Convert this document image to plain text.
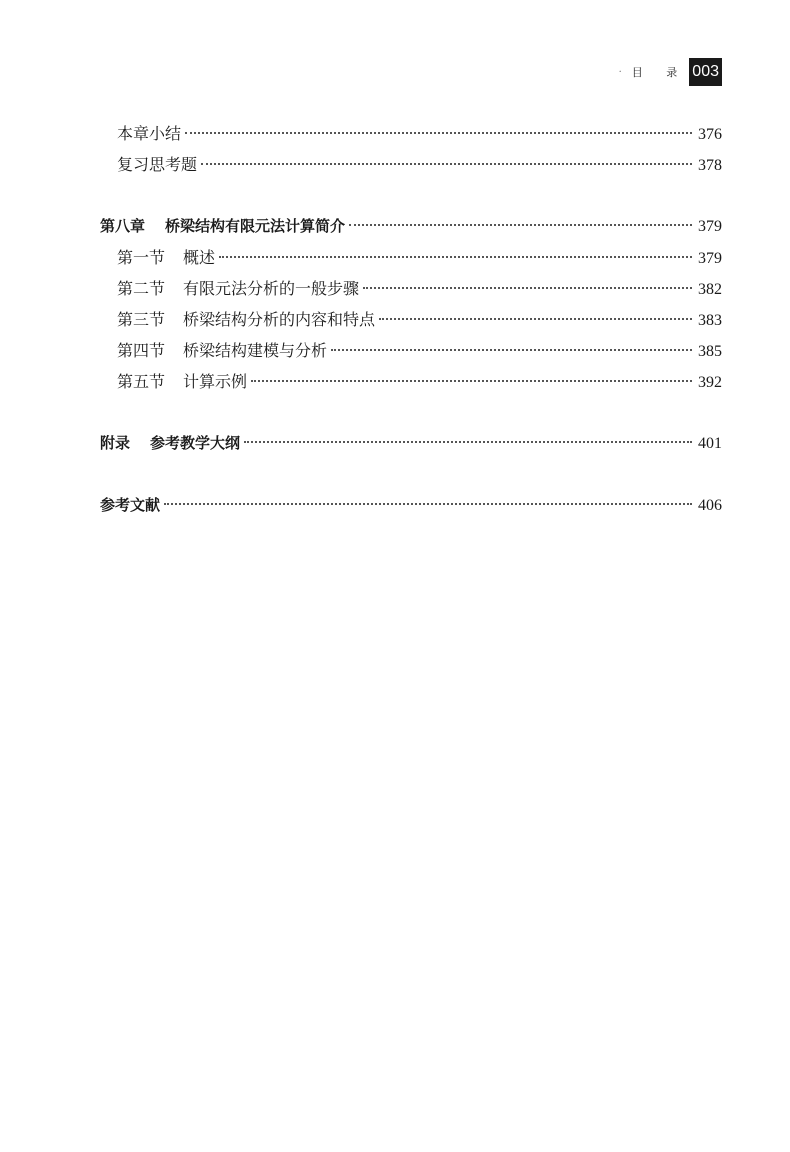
· 目 录 003
本章小结	376
复习思考题	378
第八章 桥梁结构有限元法计算简介	379
第一节 概述	379
第二节 有限元法分析的一般步骤	382
第三节 桥梁结构分析的内容和特点	383
第四节 桥梁结构建模与分析	385
第五节 计算示例	392
附录 参考教学大纲	401
参考文献	406
